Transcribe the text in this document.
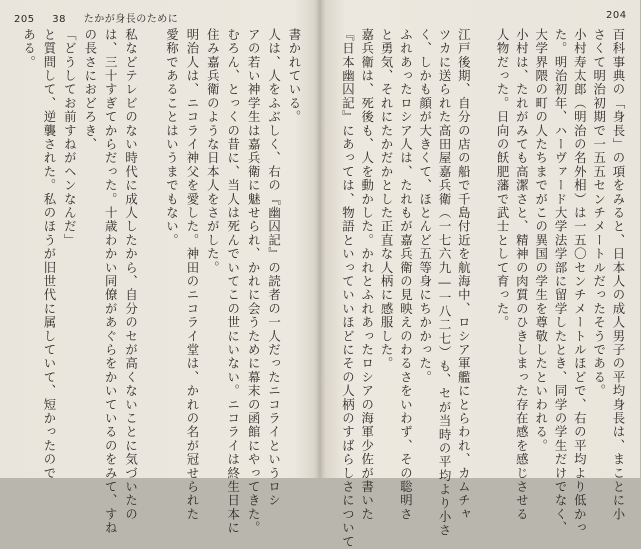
205 38 たかが身長のために	204
書かれている。
人は、人をふぶしく、右の『幽囚記』の読者の一人だったニコライというロシ
アの若い神学生は嘉兵衛に魅せられ、かれに会うために幕末の函館にやってきた。
むろん、とっくの昔に、当人は死んでいてこの世にいない。ニコライは終生日本に
住み嘉兵衛のような日本人をさがした。
明治人は、ニコライ神父を愛した。神田のニコライ堂は、かれの名が冠せられた
愛称であることはいうまでもない。
私などテレビのない時代に成人したから、自分のセが高くないことに気づいたの
は、三十すぎてからだった。十歳わかい同僚があぐらをかいているのをみて、すね
の長さにおどろき、
「どうしてお前すねがヘンなんだ」
と質問して、逆襲された。私のほうが旧世代に属していて、短かったので
ある。	百科事典の「身長」の項をみると、日本人の成人男子の平均身長は、まことに小
さくて明治初期で一五五センチメートルだったそうである。
小村寿太郎（明治の名外相）は一五〇センチメートルほどで、右の平均より低かっ
た。明治初年、ハーヴァード大学法学部に留学したとき、同学の学生だけでなく、
大学界隈の町の人たちまでがこの異国の学生を尊敬したといわれる。
小村は、たれがみても高潔さと、精神の肉質のひきしまった存在感を感じさせる
人物だった。日向の飫肥藩で武士として育った。
江戸後期、自分の店の船で千島付近を航海中、ロシア軍艦にとらわれ、カムチャ
ツカに送られた高田屋嘉兵衛（一七六九―一八二七）も、セが当時の平均より小さ
く、しかも顔が大きくて、ほとんど五等身にちかかった。
ふれあったロシア人は、たれもが嘉兵衛の見映えのわるさをいわず、その聡明さ
と勇気、それにたかだかとした正直な人柄に感服した。
嘉兵衛は、死後も、人を動かした。かれとふれあったロシアの海軍少佐が書いた
『日本幽囚記』にあっては、物語といっていいほどにその人柄のすばらしさについて
